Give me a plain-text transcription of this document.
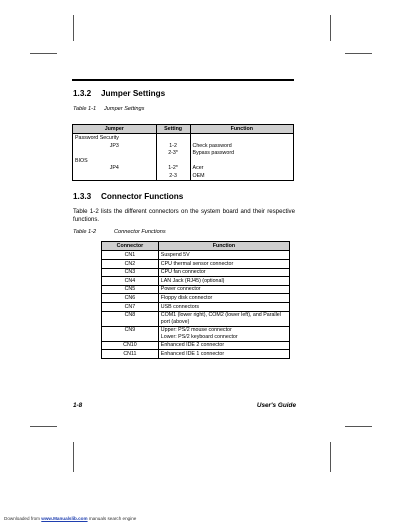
1.3.2 Jumper Settings
Table 1-1 Jumper Settings
Jumper	Setting	Function
Password Security		
JP3	1-2	Check password
	2-3*	Bypass password
BIOS		
JP4	1-2*	Acer
	2-3	OEM
1.3.3 Connector Functions
Table 1-2 lists the different connectors on the system board and their respective functions.
Table 1-2	Connector Functions
Connector	Function
CN1	Suspend 5V
CN2	CPU thermal sensor connector
CN3	CPU fan connector
CN4	LAN Jack (RJ45) (optional)
CN5	Power connector
CN6	Floppy disk connector
CN7	USB connectors
CN8	COM1 (lower right), COM2 (lower left), and Parallel port (above)
CN9	Upper: PS/2 mouse connector
Lower: PS/2 keyboard connector
CN10	Enhanced IDE 2 connector
CN11	Enhanced IDE 1 connector
1-8	User's Guide
Downloaded from www.Manualslib.com manuals search engine
